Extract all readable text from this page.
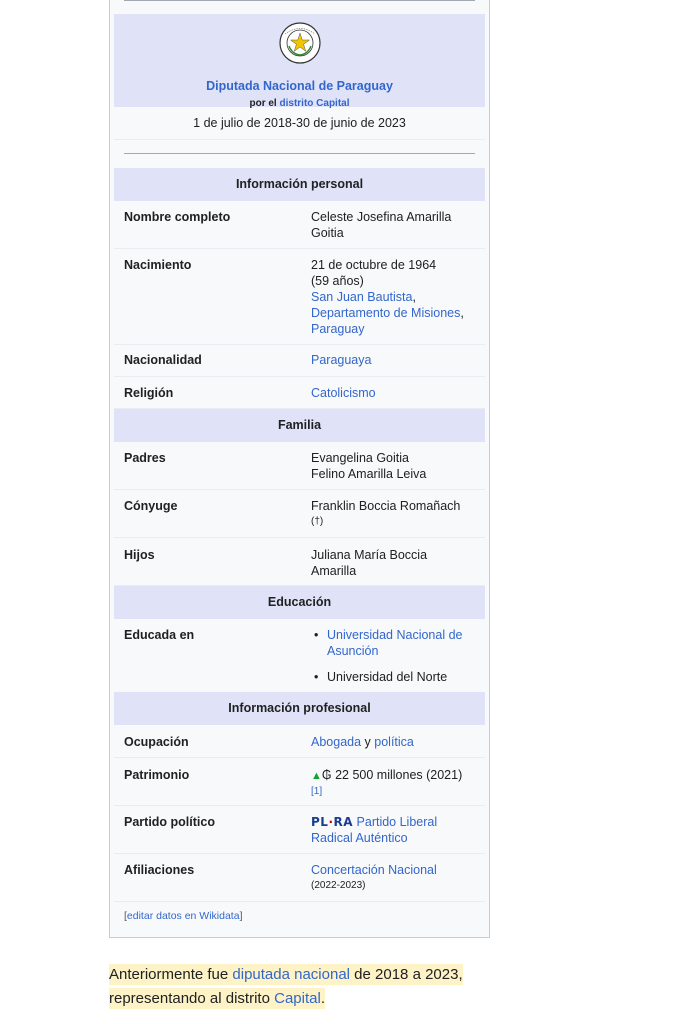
Diputada Nacional de Paraguay
por el distrito Capital
1 de julio de 2018-30 de junio de 2023
Información personal
Nombre completo	Celeste Josefina Amarilla
Goitia
Nacimiento	21 de octubre de 1964
(59 años)
San Juan Bautista,
Departamento de Misiones,
Paraguay
Nacionalidad	Paraguaya
Religión	Catolicismo
Familia
Padres	Evangelina Goitia
Felino Amarilla Leiva
Cónyuge	Franklin Boccia Romañach
(†)
Hijos	Juliana María Boccia
Amarilla
Educación
Educada en
•	Universidad Nacional de
Asunción
• Universidad del Norte
Información profesional
Ocupación	Abogada y política
Patrimonio	▲₲ 22 500 millones (2021)
[1]
Partido político	PL·RA Partido Liberal
Radical Auténtico
Afiliaciones	Concertación Nacional
(2022-2023)
[editar datos en Wikidata]
Anteriormente fue diputada nacional de 2018 a 2023, representando al distrito Capital.
